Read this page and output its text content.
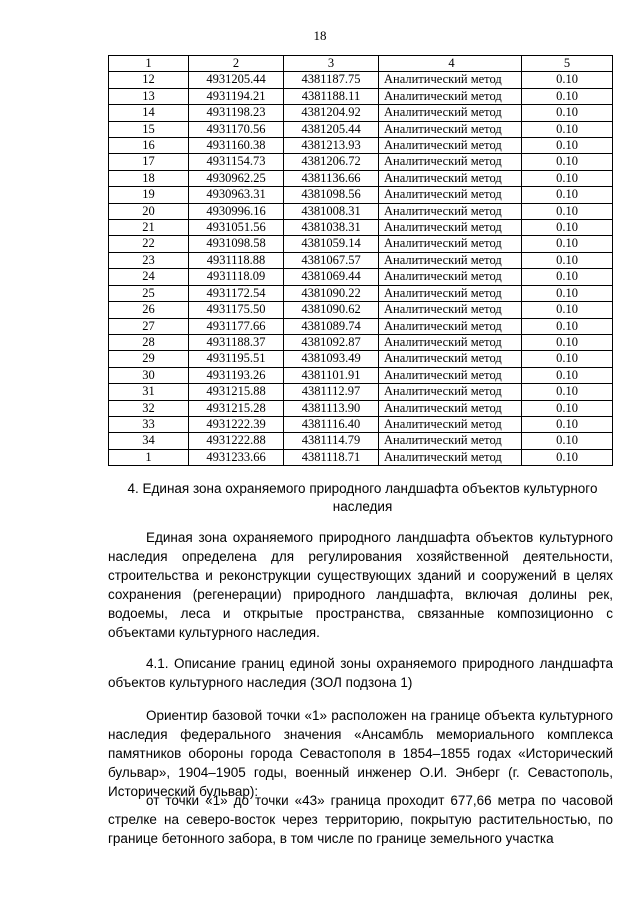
18
1	2	3	4	5
12	4931205.44	4381187.75	Аналитический метод	0.10
13	4931194.21	4381188.11	Аналитический метод	0.10
14	4931198.23	4381204.92	Аналитический метод	0.10
15	4931170.56	4381205.44	Аналитический метод	0.10
16	4931160.38	4381213.93	Аналитический метод	0.10
17	4931154.73	4381206.72	Аналитический метод	0.10
18	4930962.25	4381136.66	Аналитический метод	0.10
19	4930963.31	4381098.56	Аналитический метод	0.10
20	4930996.16	4381008.31	Аналитический метод	0.10
21	4931051.56	4381038.31	Аналитический метод	0.10
22	4931098.58	4381059.14	Аналитический метод	0.10
23	4931118.88	4381067.57	Аналитический метод	0.10
24	4931118.09	4381069.44	Аналитический метод	0.10
25	4931172.54	4381090.22	Аналитический метод	0.10
26	4931175.50	4381090.62	Аналитический метод	0.10
27	4931177.66	4381089.74	Аналитический метод	0.10
28	4931188.37	4381092.87	Аналитический метод	0.10
29	4931195.51	4381093.49	Аналитический метод	0.10
30	4931193.26	4381101.91	Аналитический метод	0.10
31	4931215.88	4381112.97	Аналитический метод	0.10
32	4931215.28	4381113.90	Аналитический метод	0.10
33	4931222.39	4381116.40	Аналитический метод	0.10
34	4931222.88	4381114.79	Аналитический метод	0.10
1	4931233.66	4381118.71	Аналитический метод	0.10
4. Единая зона охраняемого природного ландшафта объектов культурного наследия

Единая зона охраняемого природного ландшафта объектов культурного наследия определена для регулирования хозяйственной деятельности, строительства и реконструкции существующих зданий и сооружений в целях сохранения (регенерации) природного ландшафта, включая долины рек, водоемы, леса и открытые пространства, связанные композиционно с объектами культурного наследия.

4.1. Описание границ единой зоны охраняемого природного ландшафта объектов культурного наследия (ЗОЛ подзона 1)

Ориентир базовой точки «1» расположен на границе объекта культурного наследия федерального значения «Ансамбль мемориального комплекса памятников обороны города Севастополя в 1854–1855 годах «Исторический бульвар», 1904–1905 годы, военный инженер О.И. Энберг (г. Севастополь, Исторический бульвар):

от точки «1» до точки «43» граница проходит 677,66 метра по часовой стрелке на северо-восток через территорию, покрытую растительностью, по границе бетонного забора, в том числе по границе земельного участка
